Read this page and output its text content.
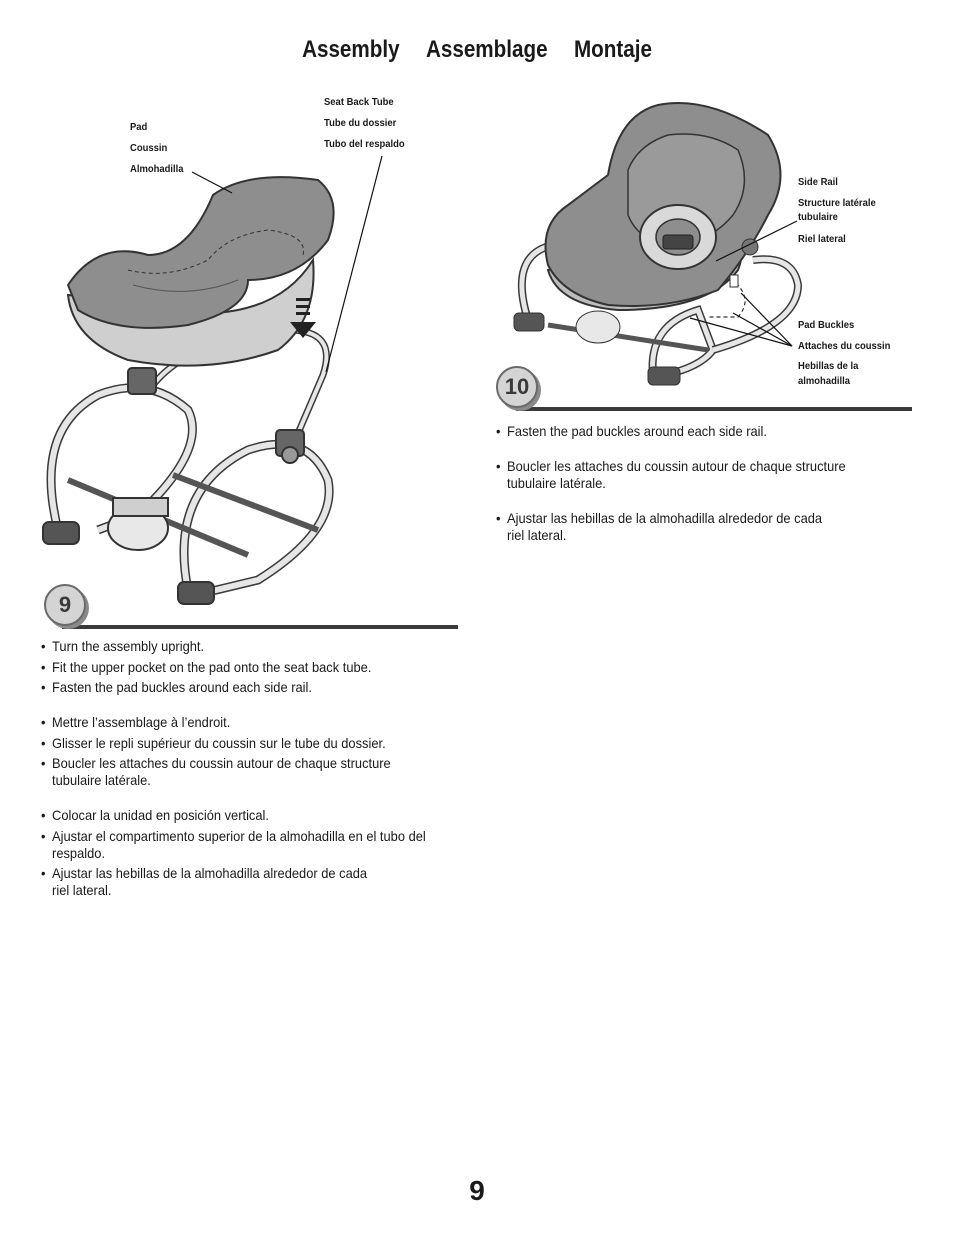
Assembly Assemblage Montaje
Pad
Coussin
Almohadilla
Seat Back Tube
Tube du dossier
Tubo del respaldo
9
• Turn the assembly upright.
• Fit the upper pocket on the pad onto the seat back tube.
• Fasten the pad buckles around each side rail.
• Mettre l’assemblage à l’endroit.
• Glisser le repli supérieur du coussin sur le tube du dossier.
• Boucler les attaches du coussin autour de chaque structure tubulaire latérale.
• Colocar la unidad en posición vertical.
• Ajustar el compartimento superior de la almohadilla en el tubo del respaldo.
• Ajustar las hebillas de la almohadilla alrededor de cada riel lateral.
Side Rail
Structure latérale tubulaire
Riel lateral
Pad Buckles
Attaches du coussin
Hebillas de la almohadilla
10
• Fasten the pad buckles around each side rail.
• Boucler les attaches du coussin autour de chaque structure tubulaire latérale.
• Ajustar las hebillas de la almohadilla alrededor de cada riel lateral.
9
